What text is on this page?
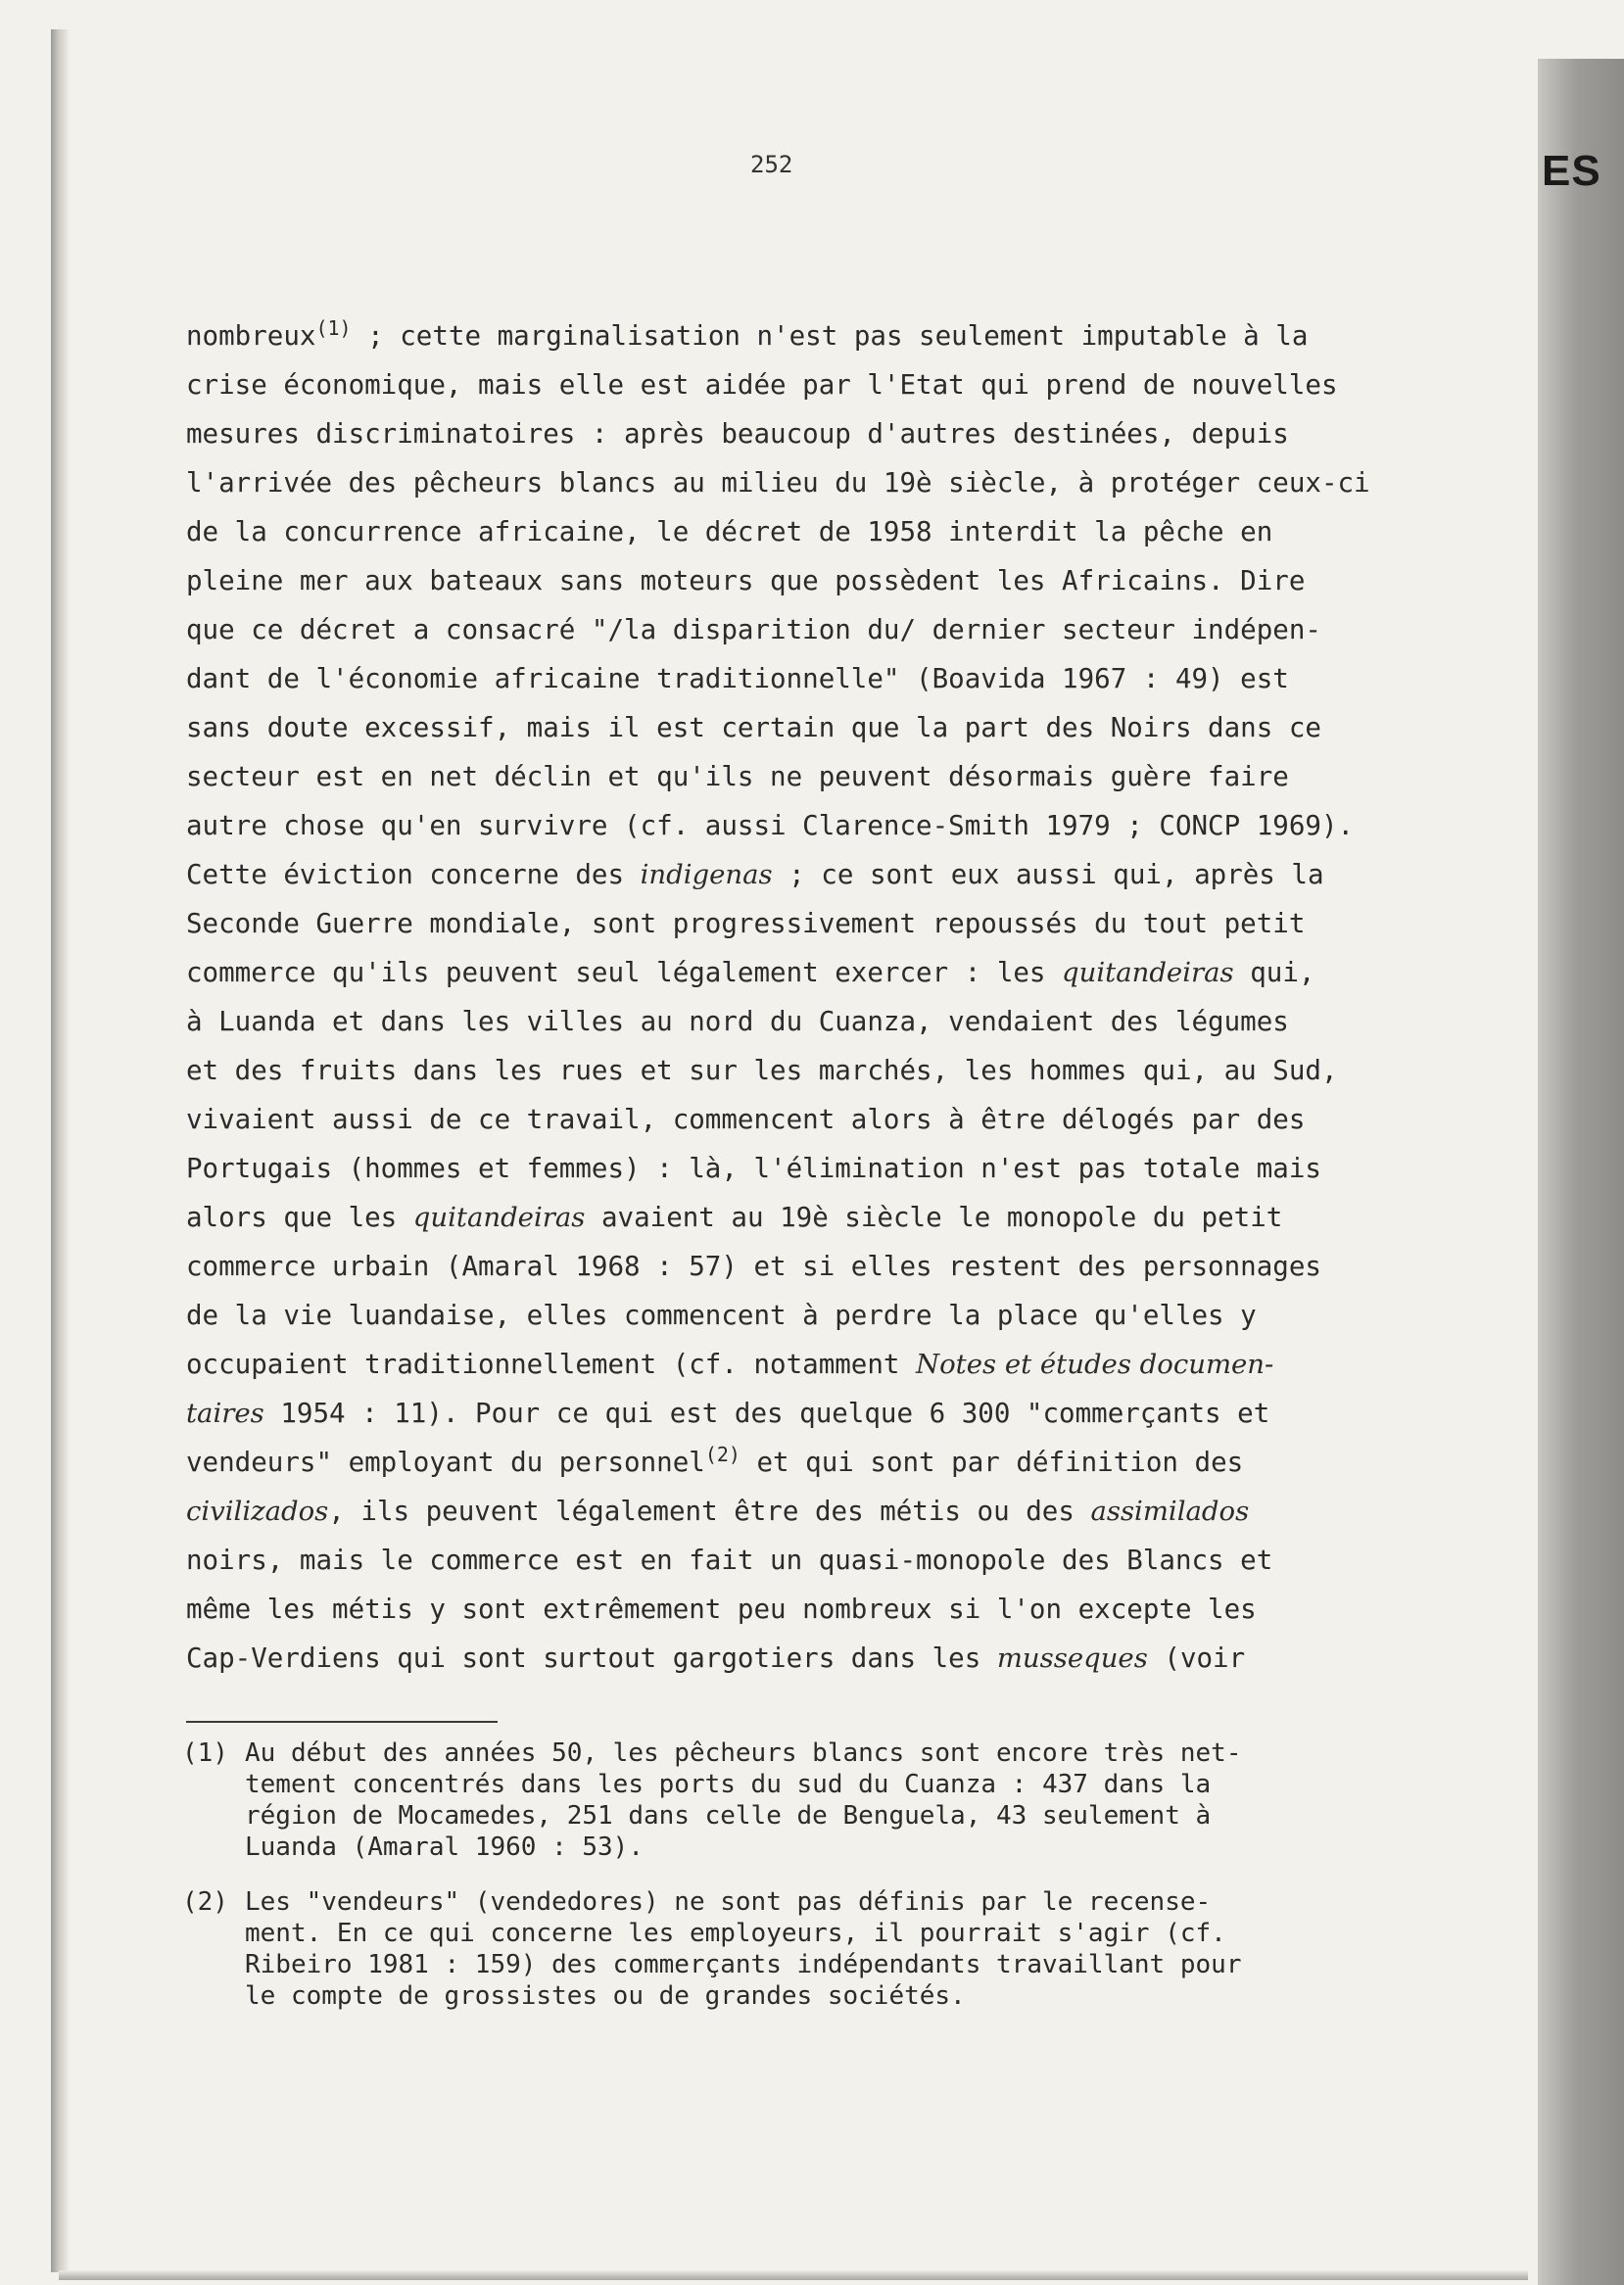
ES
252
nombreux$^{(1)}$ ; cette marginalisation n'est pas seulement imputable à la
crise économique, mais elle est aidée par l'Etat qui prend de nouvelles
mesures discriminatoires : après beaucoup d'autres destinées, depuis
l'arrivée des pêcheurs blancs au milieu du 19è siècle, à protéger ceux-ci
de la concurrence africaine, le décret de 1958 interdit la pêche en
pleine mer aux bateaux sans moteurs que possèdent les Africains. Dire
que ce décret a consacré "/la disparition du/ dernier secteur indépen-
dant de l'économie africaine traditionnelle" (Boavida 1967 : 49) est
sans doute excessif, mais il est certain que la part des Noirs dans ce
secteur est en net déclin et qu'ils ne peuvent désormais guère faire
autre chose qu'en survivre (cf. aussi Clarence-Smith 1979 ; CONCP 1969).
Cette éviction concerne des indigenas ; ce sont eux aussi qui, après la
Seconde Guerre mondiale, sont progressivement repoussés du tout petit
commerce qu'ils peuvent seul légalement exercer : les quitandeiras qui,
à Luanda et dans les villes au nord du Cuanza, vendaient des légumes
et des fruits dans les rues et sur les marchés, les hommes qui, au Sud,
vivaient aussi de ce travail, commencent alors à être délogés par des
Portugais (hommes et femmes) : là, l'élimination n'est pas totale mais
alors que les quitandeiras avaient au 19è siècle le monopole du petit
commerce urbain (Amaral 1968 : 57) et si elles restent des personnages
de la vie luandaise, elles commencent à perdre la place qu'elles y
occupaient traditionnellement (cf. notamment Notes et études documen-
taires 1954 : 11). Pour ce qui est des quelque 6 300 "commerçants et
vendeurs" employant du personnel$^{(2)}$ et qui sont par définition des
civilizados, ils peuvent légalement être des métis ou des assimilados
noirs, mais le commerce est en fait un quasi-monopole des Blancs et
même les métis y sont extrêmement peu nombreux si l'on excepte les
Cap-Verdiens qui sont surtout gargotiers dans les musseques (voir
(1) Au début des années 50, les pêcheurs blancs sont encore très net-
tement concentrés dans les ports du sud du Cuanza : 437 dans la
région de Mocamedes, 251 dans celle de Benguela, 43 seulement à
Luanda (Amaral 1960 : 53).
(2) Les "vendeurs" (vendedores) ne sont pas définis par le recense-
ment. En ce qui concerne les employeurs, il pourrait s'agir (cf.
Ribeiro 1981 : 159) des commerçants indépendants travaillant pour
le compte de grossistes ou de grandes sociétés.
